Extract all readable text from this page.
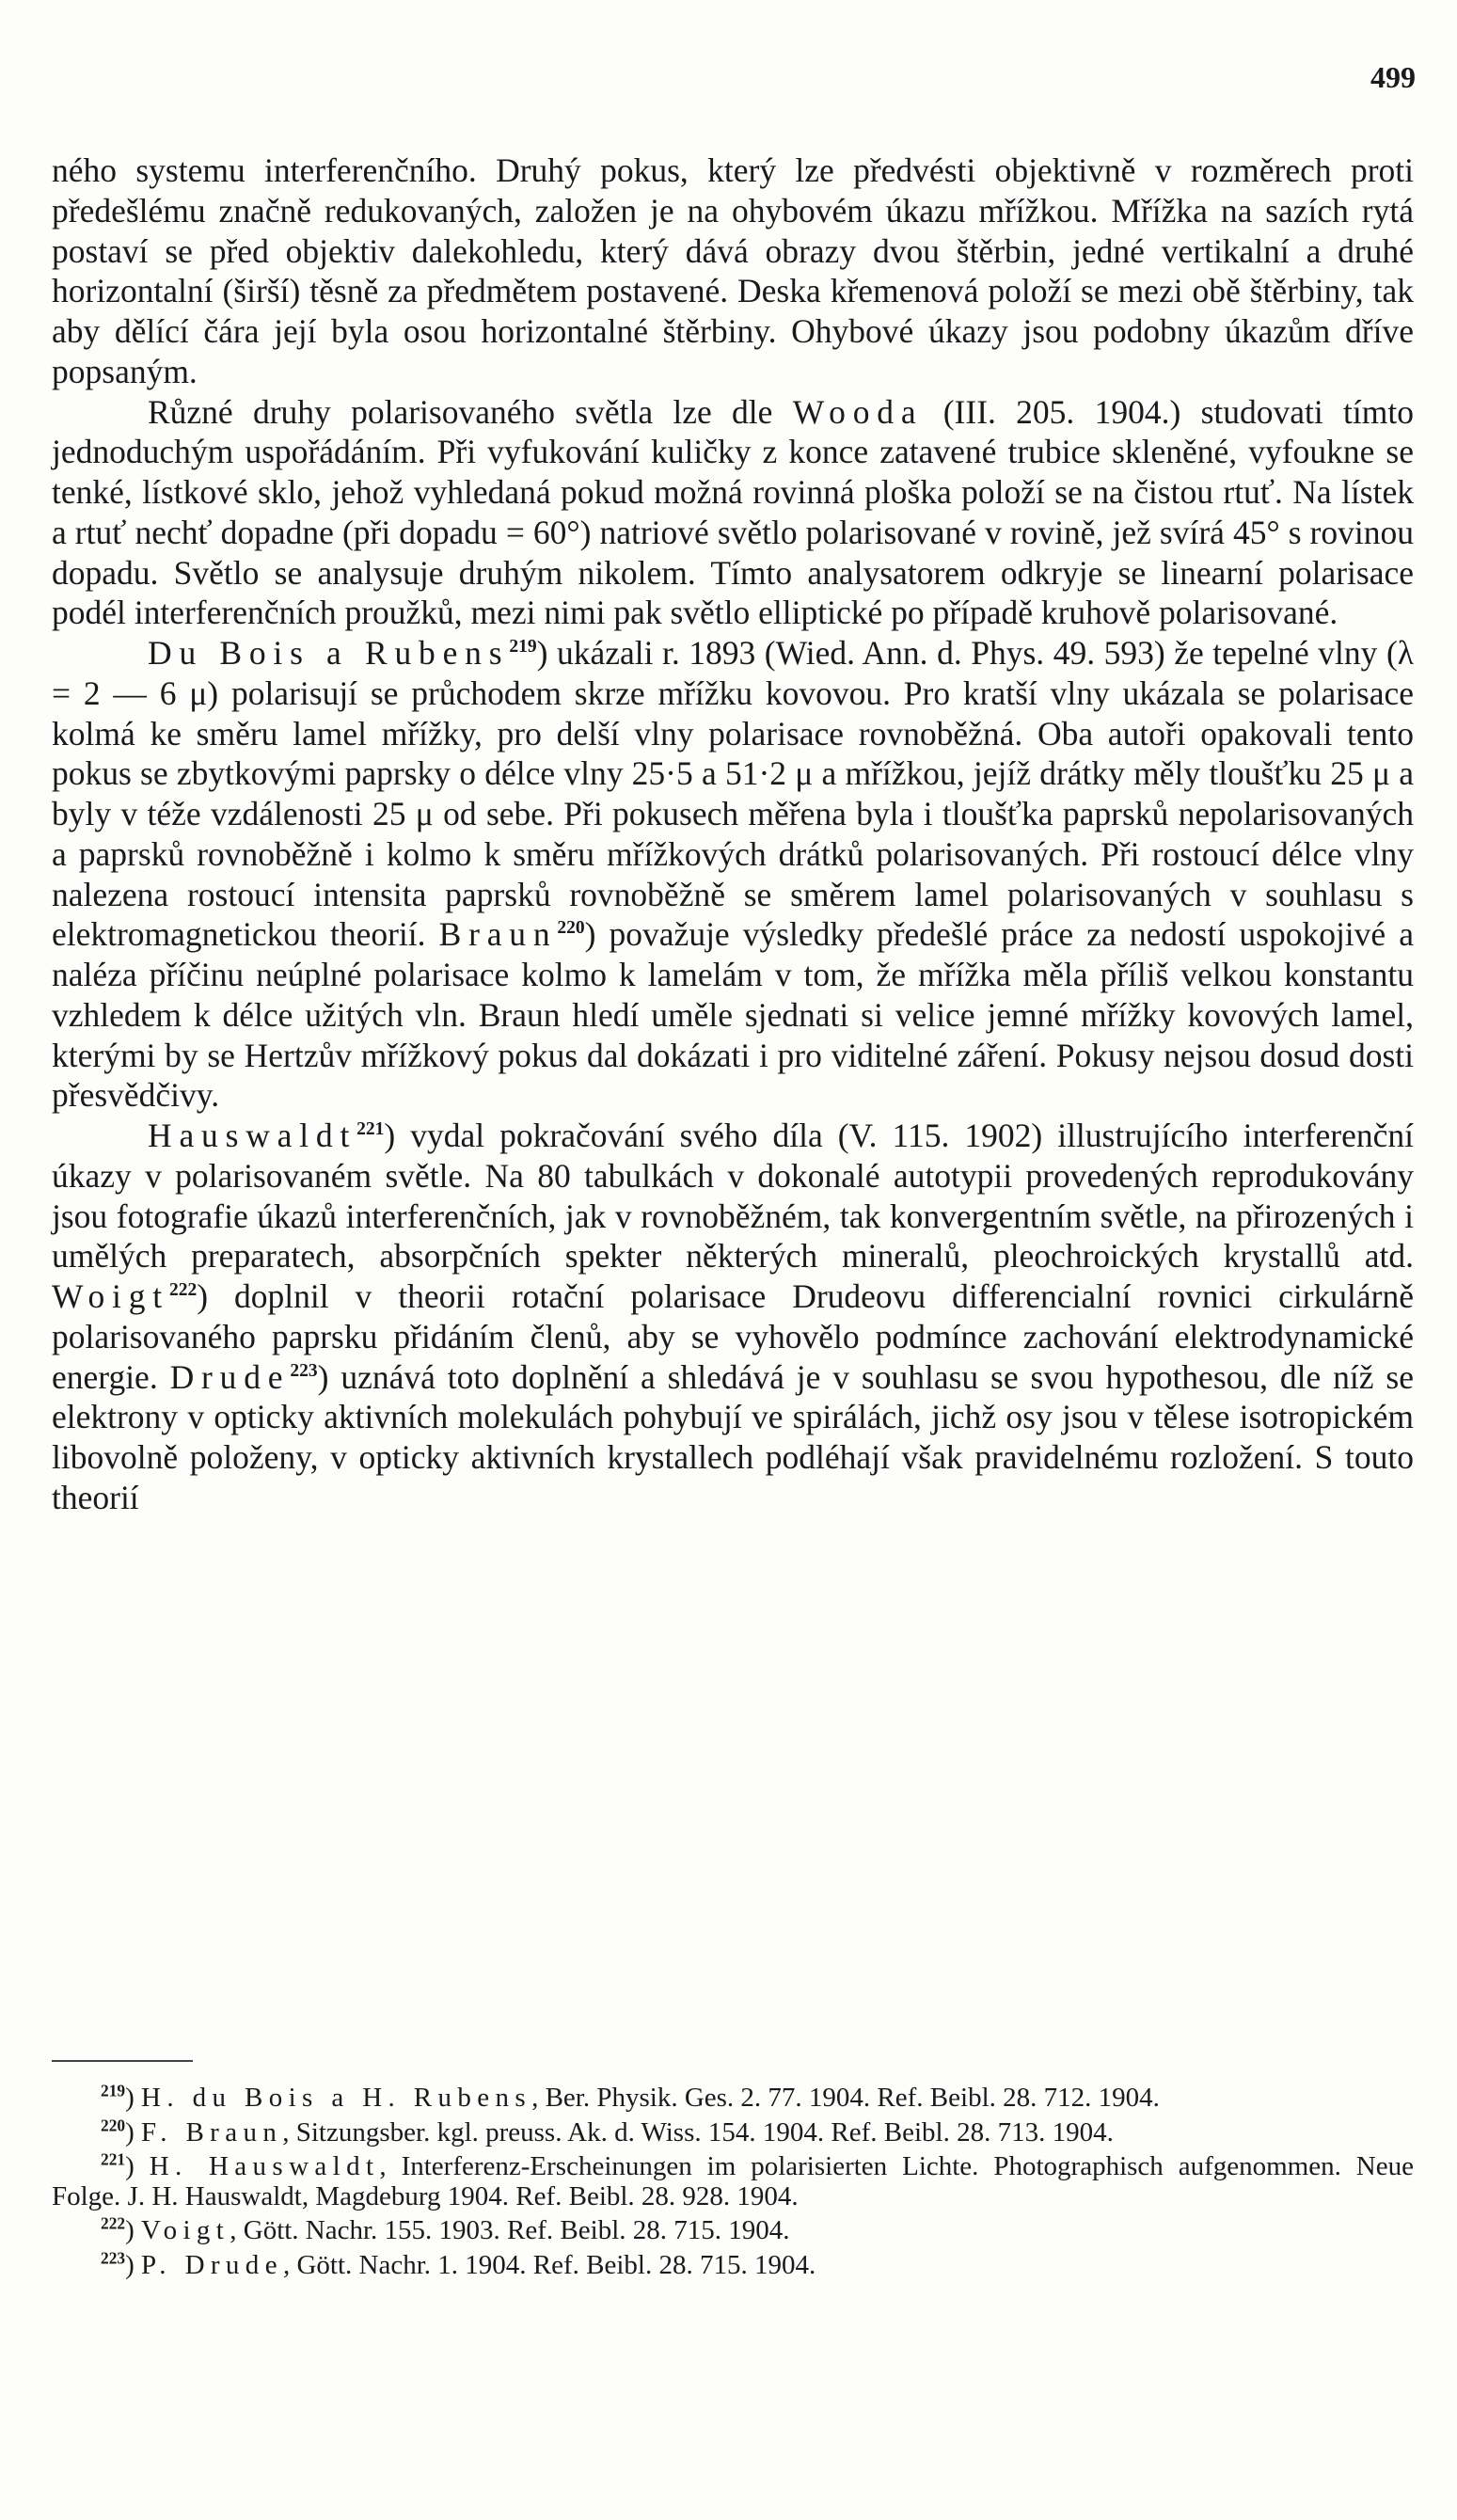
499

ného systemu interferenčního. Druhý pokus, který lze předvésti objektivně v rozměrech proti předešlému značně redukovaných, založen je na ohybovém úkazu mřížkou. Mřížka na sazích rytá postaví se před objektiv dalekohledu, který dává obrazy dvou štěrbin, jedné vertikalní a druhé horizontalní (širší) těsně za předmětem postavené. Deska křemenová položí se mezi obě štěrbiny, tak aby dělící čára její byla osou horizontalné štěrbiny. Ohybové úkazy jsou podobny úkazům dříve popsaným.

Různé druhy polarisovaného světla lze dle Wooda (III. 205. 1904.) studovati tímto jednoduchým uspořádáním. Při vyfukování kuličky z konce zatavené trubice skleněné, vyfoukne se tenké, lístkové sklo, jehož vyhledaná pokud možná rovinná ploška položí se na čistou rtuť. Na lístek a rtuť nechť dopadne (při dopadu = 60°) natriové světlo polarisované v rovině, jež svírá 45° s rovinou dopadu. Světlo se analysuje druhým nikolem. Tímto analysatorem odkryje se linearní polarisace podél interferenčních proužků, mezi nimi pak světlo elliptické po případě kruhově polarisované.

Du Bois a Rubens$^{219}$) ukázali r. 1893 (Wied. Ann. d. Phys. 49. 593) že tepelné vlny (λ = 2 — 6 μ) polarisují se průchodem skrze mřížku kovovou. Pro kratší vlny ukázala se polarisace kolmá ke směru lamel mřížky, pro delší vlny polarisace rovnoběžná. Oba autoři opakovali tento pokus se zbytkovými paprsky o délce vlny 25·5 a 51·2 μ a mřížkou, jejíž drátky měly tloušťku 25 μ a byly v téže vzdálenosti 25 μ od sebe. Při pokusech měřena byla i tloušťka paprsků nepolarisovaných a paprsků rovnoběžně i kolmo k směru mřížkových drátků polarisovaných. Při rostoucí délce vlny nalezena rostoucí intensita paprsků rovnoběžně se směrem lamel polarisovaných v souhlasu s elektromagnetickou theorií. Braun$^{220}$) považuje výsledky předešlé práce za nedostí uspokojivé a naléza příčinu neúplné polarisace kolmo k lamelám v tom, že mřížka měla příliš velkou konstantu vzhledem k délce užitých vln. Braun hledí uměle sjednati si velice jemné mřížky kovových lamel, kterými by se Hertzův mřížkový pokus dal dokázati i pro viditelné záření. Pokusy nejsou dosud dosti přesvědčivy.

Hauswaldt$^{221}$) vydal pokračování svého díla (V. 115. 1902) illustrujícího interferenční úkazy v polarisovaném světle. Na 80 tabulkách v dokonalé autotypii provedených reprodukovány jsou fotografie úkazů interferenčních, jak v rovnoběžném, tak konvergentním světle, na přirozených i umělých preparatech, absorpčních spekter některých mineralů, pleochroických krystallů atd. Woigt$^{222}$) doplnil v theorii rotační polarisace Drudeovu differencialní rovnici cirkulárně polarisovaného paprsku přidáním členů, aby se vyhovělo podmínce zachování elektrodynamické energie. Drude$^{223}$) uznává toto doplnění a shledává je v souhlasu se svou hypothesou, dle níž se elektrony v opticky aktivních molekulách pohybují ve spirálách, jichž osy jsou v tělese isotropickém libovolně položeny, v opticky aktivních krystallech podléhají však pravidelnému rozložení. S touto theorií

$^{219}$) H. du Bois a H. Rubens, Ber. Physik. Ges. 2. 77. 1904. Ref. Beibl. 28. 712. 1904.

$^{220}$) F. Braun, Sitzungsber. kgl. preuss. Ak. d. Wiss. 154. 1904. Ref. Beibl. 28. 713. 1904.

$^{221}$) H. Hauswaldt, Interferenz-Erscheinungen im polarisierten Lichte. Photographisch aufgenommen. Neue Folge. J. H. Hauswaldt, Magdeburg 1904. Ref. Beibl. 28. 928. 1904.

$^{222}$) Voigt, Gött. Nachr. 155. 1903. Ref. Beibl. 28. 715. 1904.

$^{223}$) P. Drude, Gött. Nachr. 1. 1904. Ref. Beibl. 28. 715. 1904.
